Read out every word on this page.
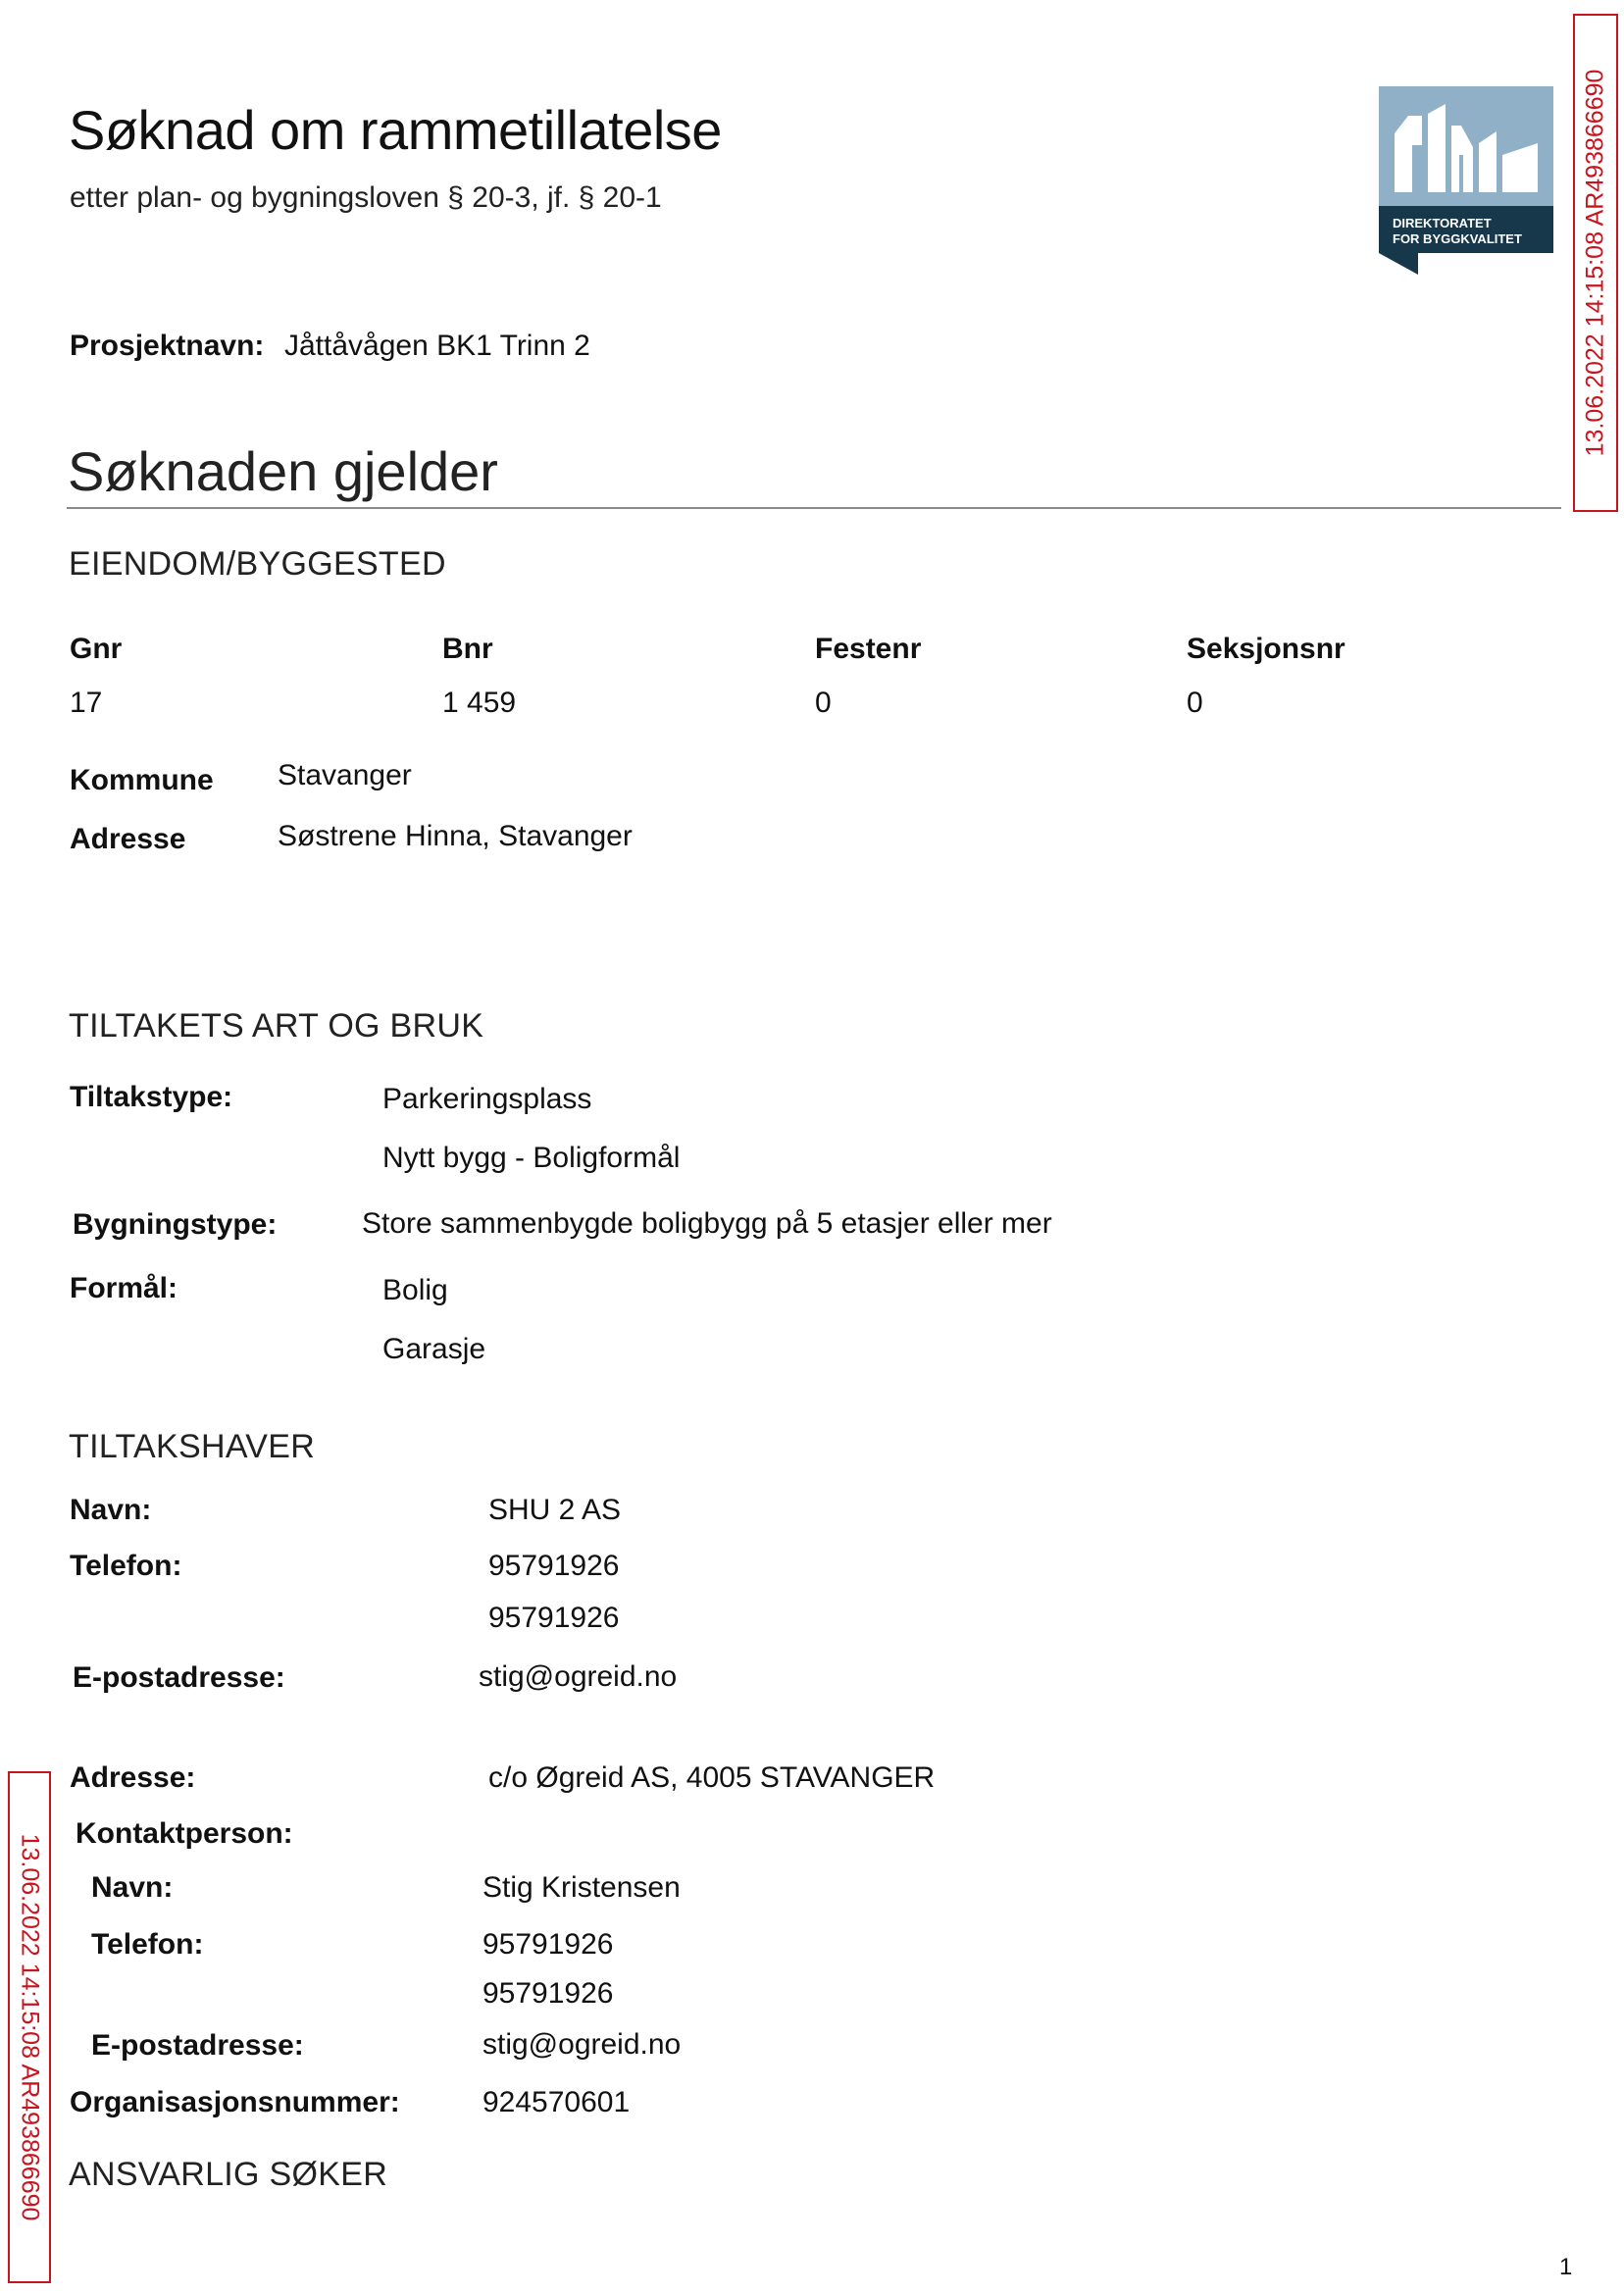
Søknad om rammetillatelse
etter plan- og bygningsloven § 20-3, jf. § 20-1
DIREKTORATET
FOR BYGGKVALITET 13.06.2022 14:15:08 AR493866690
Prosjektnavn: Jåttåvågen BK1 Trinn 2
Søknaden gjelder
EIENDOM/BYGGESTED
Gnr	Bnr	Festenr	Seksjonsnr
17	1 459	0	0
Kommune Stavanger
Adresse	Søstrene Hinna, Stavanger
TILTAKETS ART OG BRUK
Tiltakstype:	Parkeringsplass
Nytt bygg - Boligformål
Bygningstype:	Store sammenbygde boligbygg på 5 etasjer eller mer
Formål:	Bolig
Garasje
TILTAKSHAVER
Navn:	SHU 2 AS
Telefon:	95791926
95791926
E-postadresse:	stig@ogreid.no
Adresse:	c/o Øgreid AS, 4005 STAVANGER
Kontaktperson:
Navn:	Stig Kristensen
Telefon:	95791926
95791926
E-postadresse:	stig@ogreid.no
Organisasjonsnummer:	924570601
ANSVARLIG SØKER
13.06.2022 14:15:08 AR493866690
1
